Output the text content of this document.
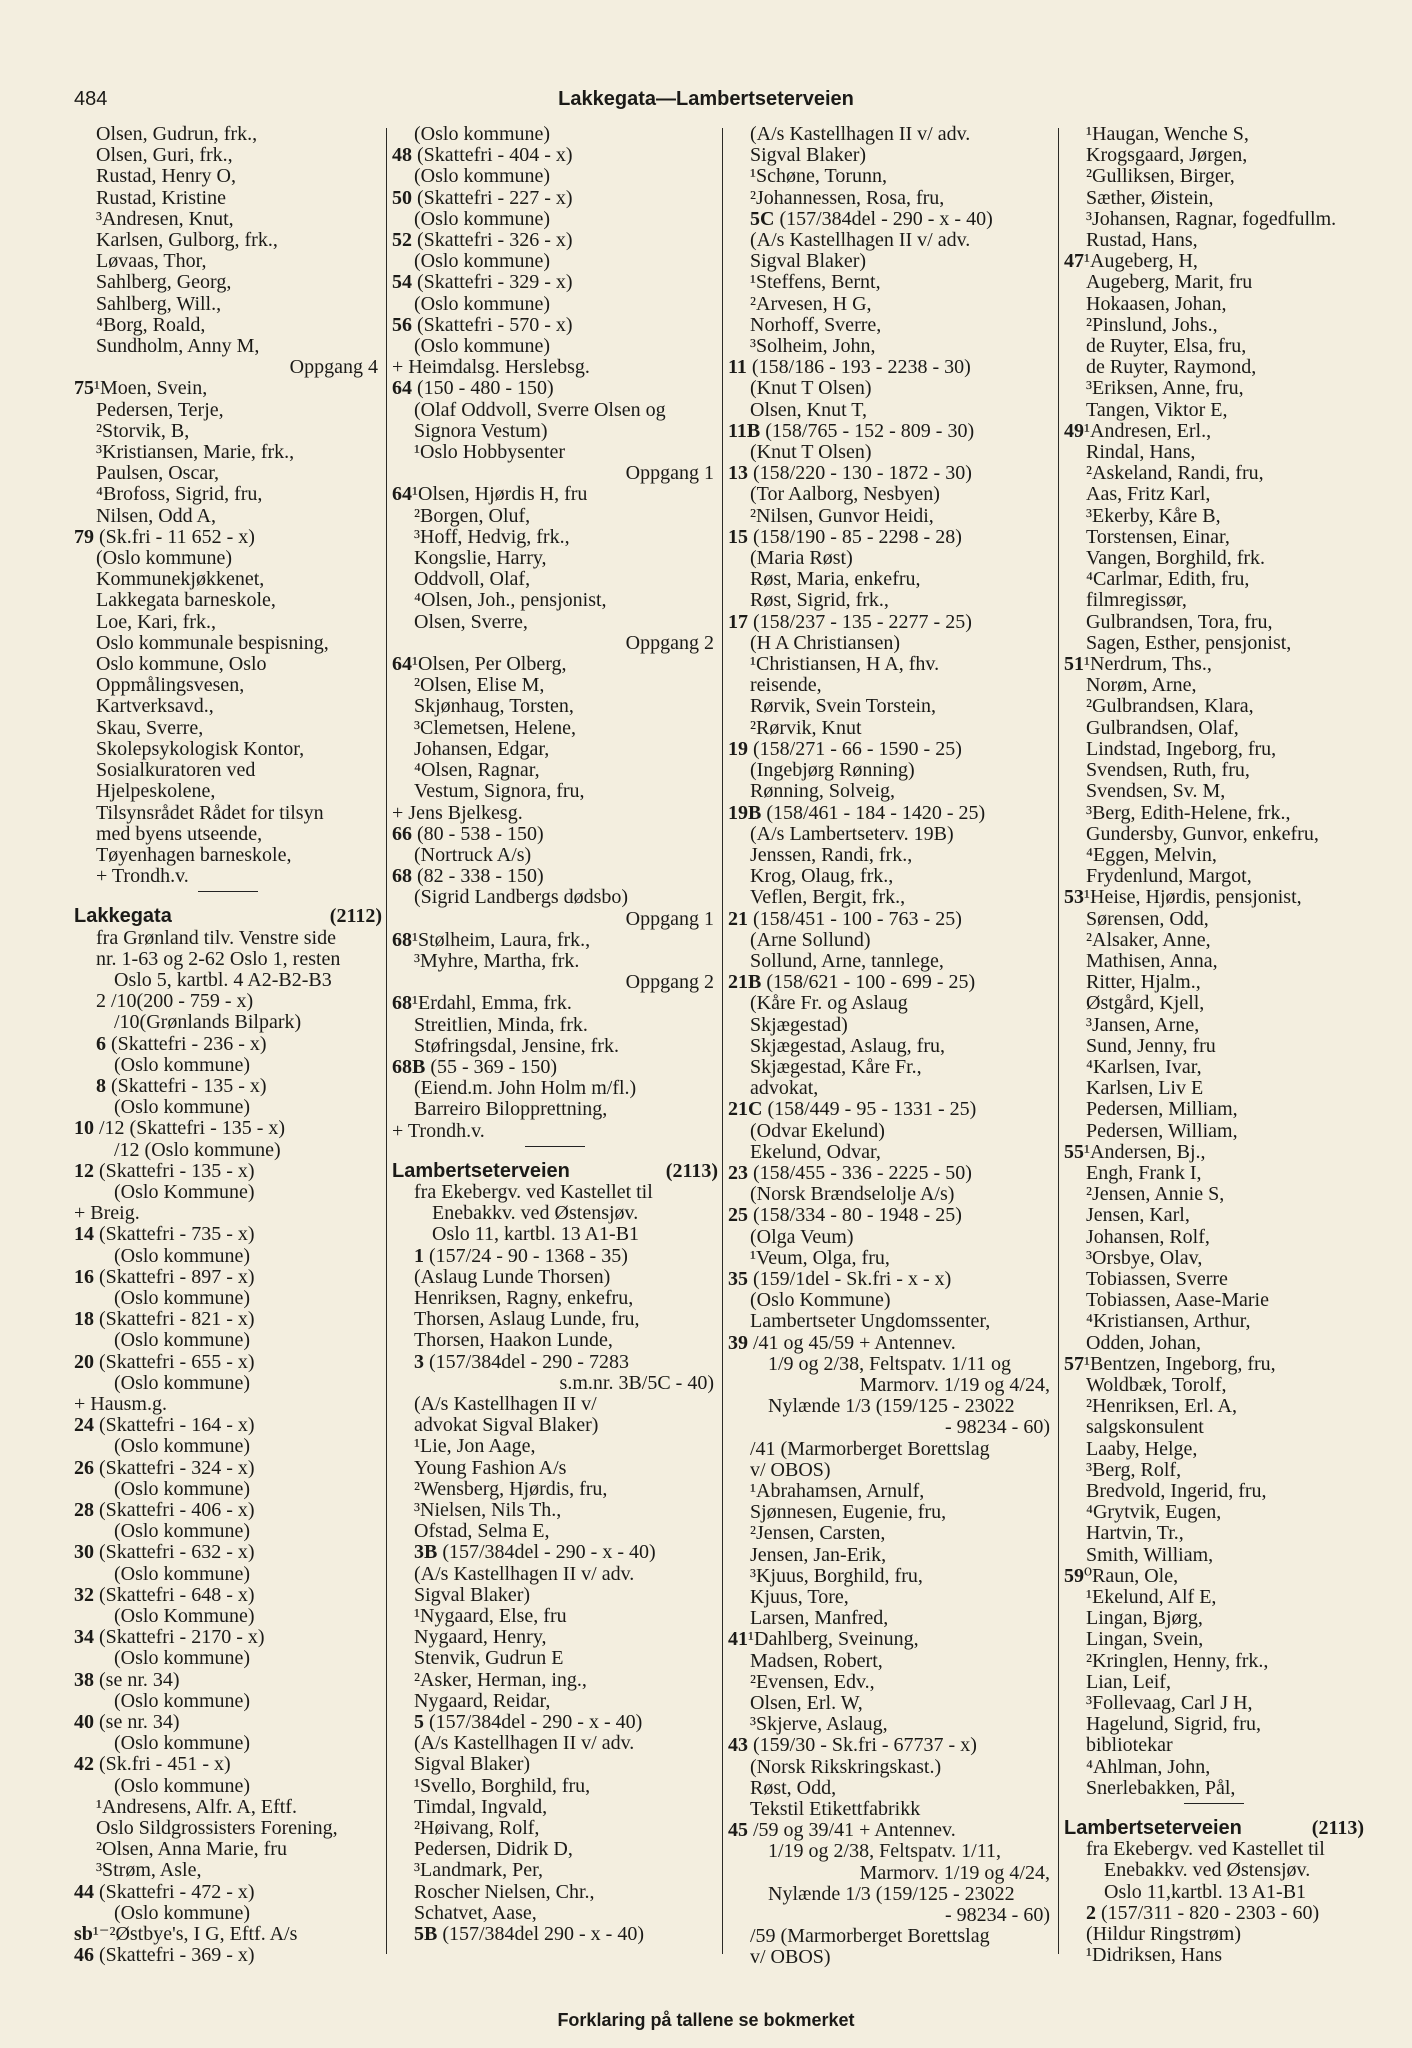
484	Lakkegata—Lambertseterveien
Olsen, Gudrun, frk.,
Olsen, Guri, frk.,
Rustad, Henry O,
Rustad, Kristine
³Andresen, Knut,
Karlsen, Gulborg, frk.,
Løvaas, Thor,
Sahlberg, Georg,
Sahlberg, Will.,
⁴Borg, Roald,
Sundholm, Anny M,
Oppgang 4
75¹Moen, Svein,
Pedersen, Terje,
²Storvik, B,
³Kristiansen, Marie, frk.,
Paulsen, Oscar,
⁴Brofoss, Sigrid, fru,
Nilsen, Odd A,
79 (Sk.fri - 11 652 - x)
(Oslo kommune)
Kommunekjøkkenet,
Lakkegata barneskole,
Loe, Kari, frk.,
Oslo kommunale bespisning,
Oslo kommune, Oslo
Oppmålingsvesen,
Kartverksavd.,
Skau, Sverre,
Skolepsykologisk Kontor,
Sosialkuratoren ved
Hjelpeskolene,
Tilsynsrådet Rådet for tilsyn
med byens utseende,
Tøyenhagen barneskole,
+ Trondh.v.
Lakkegata	(2112)
fra Grønland tilv. Venstre side
nr. 1-63 og 2-62 Oslo 1, resten
Oslo 5, kartbl. 4 A2-B2-B3
2 /10(200 - 759 - x)
/10(Grønlands Bilpark)
6 (Skattefri - 236 - x)
(Oslo kommune)
8 (Skattefri - 135 - x)
(Oslo kommune)
10 /12 (Skattefri - 135 - x)
/12 (Oslo kommune)
12 (Skattefri - 135 - x)
(Oslo Kommune)
+ Breig.
14 (Skattefri - 735 - x)
(Oslo kommune)
16 (Skattefri - 897 - x)
(Oslo kommune)
18 (Skattefri - 821 - x)
(Oslo kommune)
20 (Skattefri - 655 - x)
(Oslo kommune)
+ Hausm.g.
24 (Skattefri - 164 - x)
(Oslo kommune)
26 (Skattefri - 324 - x)
(Oslo kommune)
28 (Skattefri - 406 - x)
(Oslo kommune)
30 (Skattefri - 632 - x)
(Oslo kommune)
32 (Skattefri - 648 - x)
(Oslo Kommune)
34 (Skattefri - 2170 - x)
(Oslo kommune)
38 (se nr. 34)
(Oslo kommune)
40 (se nr. 34)
(Oslo kommune)
42 (Sk.fri - 451 - x)
(Oslo kommune)
¹Andresens, Alfr. A, Eftf.
Oslo Sildgrossisters Forening,
²Olsen, Anna Marie, fru
³Strøm, Asle,
44 (Skattefri - 472 - x)
(Oslo kommune)
sb¹⁻²Østbye's, I G, Eftf. A/s
46 (Skattefri - 369 - x)
(Oslo kommune)
48 (Skattefri - 404 - x)
(Oslo kommune)
50 (Skattefri - 227 - x)
(Oslo kommune)
52 (Skattefri - 326 - x)
(Oslo kommune)
54 (Skattefri - 329 - x)
(Oslo kommune)
56 (Skattefri - 570 - x)
(Oslo kommune)
+ Heimdalsg. Herslebsg.
64 (150 - 480 - 150)
(Olaf Oddvoll, Sverre Olsen og
Signora Vestum)
¹Oslo Hobbysenter
Oppgang 1
64¹Olsen, Hjørdis H, fru
²Borgen, Oluf,
³Hoff, Hedvig, frk.,
Kongslie, Harry,
Oddvoll, Olaf,
⁴Olsen, Joh., pensjonist,
Olsen, Sverre,
Oppgang 2
64¹Olsen, Per Olberg,
²Olsen, Elise M,
Skjønhaug, Torsten,
³Clemetsen, Helene,
Johansen, Edgar,
⁴Olsen, Ragnar,
Vestum, Signora, fru,
+ Jens Bjelkesg.
66 (80 - 538 - 150)
(Nortruck A/s)
68 (82 - 338 - 150)
(Sigrid Landbergs dødsbo)
Oppgang 1
68¹Stølheim, Laura, frk.,
³Myhre, Martha, frk.
Oppgang 2
68¹Erdahl, Emma, frk.
Streitlien, Minda, frk.
Støfringsdal, Jensine, frk.
68B (55 - 369 - 150)
(Eiend.m. John Holm m/fl.)
Barreiro Bilopprettning,
+ Trondh.v.
Lambertseterveien	(2113)
fra Ekebergv. ved Kastellet til
Enebakkv. ved Østensjøv.
Oslo 11, kartbl. 13 A1-B1
1 (157/24 - 90 - 1368 - 35)
(Aslaug Lunde Thorsen)
Henriksen, Ragny, enkefru,
Thorsen, Aslaug Lunde, fru,
Thorsen, Haakon Lunde,
3 (157/384del - 290 - 7283
s.m.nr. 3B/5C - 40)
(A/s Kastellhagen II v/
advokat Sigval Blaker)
¹Lie, Jon Aage,
Young Fashion A/s
²Wensberg, Hjørdis, fru,
³Nielsen, Nils Th.,
Ofstad, Selma E,
3B (157/384del - 290 - x - 40)
(A/s Kastellhagen II v/ adv.
Sigval Blaker)
¹Nygaard, Else, fru
Nygaard, Henry,
Stenvik, Gudrun E
²Asker, Herman, ing.,
Nygaard, Reidar,
5 (157/384del - 290 - x - 40)
(A/s Kastellhagen II v/ adv.
Sigval Blaker)
¹Svello, Borghild, fru,
Timdal, Ingvald,
²Høivang, Rolf,
Pedersen, Didrik D,
³Landmark, Per,
Roscher Nielsen, Chr.,
Schatvet, Aase,
5B (157/384del 290 - x - 40)
(A/s Kastellhagen II v/ adv.
Sigval Blaker)
¹Schøne, Torunn,
²Johannessen, Rosa, fru,
5C (157/384del - 290 - x - 40)
(A/s Kastellhagen II v/ adv.
Sigval Blaker)
¹Steffens, Bernt,
²Arvesen, H G,
Norhoff, Sverre,
³Solheim, John,
11 (158/186 - 193 - 2238 - 30)
(Knut T Olsen)
Olsen, Knut T,
11B (158/765 - 152 - 809 - 30)
(Knut T Olsen)
13 (158/220 - 130 - 1872 - 30)
(Tor Aalborg, Nesbyen)
²Nilsen, Gunvor Heidi,
15 (158/190 - 85 - 2298 - 28)
(Maria Røst)
Røst, Maria, enkefru,
Røst, Sigrid, frk.,
17 (158/237 - 135 - 2277 - 25)
(H A Christiansen)
¹Christiansen, H A, fhv.
reisende,
Rørvik, Svein Torstein,
²Rørvik, Knut
19 (158/271 - 66 - 1590 - 25)
(Ingebjørg Rønning)
Rønning, Solveig,
19B (158/461 - 184 - 1420 - 25)
(A/s Lambertseterv. 19B)
Jenssen, Randi, frk.,
Krog, Olaug, frk.,
Veflen, Bergit, frk.,
21 (158/451 - 100 - 763 - 25)
(Arne Sollund)
Sollund, Arne, tannlege,
21B (158/621 - 100 - 699 - 25)
(Kåre Fr. og Aslaug
Skjægestad)
Skjægestad, Aslaug, fru,
Skjægestad, Kåre Fr.,
advokat,
21C (158/449 - 95 - 1331 - 25)
(Odvar Ekelund)
Ekelund, Odvar,
23 (158/455 - 336 - 2225 - 50)
(Norsk Brændselolje A/s)
25 (158/334 - 80 - 1948 - 25)
(Olga Veum)
¹Veum, Olga, fru,
35 (159/1del - Sk.fri - x - x)
(Oslo Kommune)
Lambertseter Ungdomssenter,
39 /41 og 45/59 + Antennev.
1/9 og 2/38, Feltspatv. 1/11 og
Marmorv. 1/19 og 4/24,
Nylænde 1/3 (159/125 - 23022
- 98234 - 60)
/41 (Marmorberget Borettslag
v/ OBOS)
¹Abrahamsen, Arnulf,
Sjønnesen, Eugenie, fru,
²Jensen, Carsten,
Jensen, Jan-Erik,
³Kjuus, Borghild, fru,
Kjuus, Tore,
Larsen, Manfred,
41¹Dahlberg, Sveinung,
Madsen, Robert,
²Evensen, Edv.,
Olsen, Erl. W,
³Skjerve, Aslaug,
43 (159/30 - Sk.fri - 67737 - x)
(Norsk Rikskringskast.)
Røst, Odd,
Tekstil Etikettfabrikk
45 /59 og 39/41 + Antennev.
1/19 og 2/38, Feltspatv. 1/11,
Marmorv. 1/19 og 4/24,
Nylænde 1/3 (159/125 - 23022
- 98234 - 60)
/59 (Marmorberget Borettslag
v/ OBOS)
¹Haugan, Wenche S,
Krogsgaard, Jørgen,
²Gulliksen, Birger,
Sæther, Øistein,
³Johansen, Ragnar, fogedfullm.
Rustad, Hans,
47¹Augeberg, H,
Augeberg, Marit, fru
Hokaasen, Johan,
²Pinslund, Johs.,
de Ruyter, Elsa, fru,
de Ruyter, Raymond,
³Eriksen, Anne, fru,
Tangen, Viktor E,
49¹Andresen, Erl.,
Rindal, Hans,
²Askeland, Randi, fru,
Aas, Fritz Karl,
³Ekerby, Kåre B,
Torstensen, Einar,
Vangen, Borghild, frk.
⁴Carlmar, Edith, fru,
filmregissør,
Gulbrandsen, Tora, fru,
Sagen, Esther, pensjonist,
51¹Nerdrum, Ths.,
Norøm, Arne,
²Gulbrandsen, Klara,
Gulbrandsen, Olaf,
Lindstad, Ingeborg, fru,
Svendsen, Ruth, fru,
Svendsen, Sv. M,
³Berg, Edith-Helene, frk.,
Gundersby, Gunvor, enkefru,
⁴Eggen, Melvin,
Frydenlund, Margot,
53¹Heise, Hjørdis, pensjonist,
Sørensen, Odd,
²Alsaker, Anne,
Mathisen, Anna,
Ritter, Hjalm.,
Østgård, Kjell,
³Jansen, Arne,
Sund, Jenny, fru
⁴Karlsen, Ivar,
Karlsen, Liv E
Pedersen, Milliam,
Pedersen, William,
55¹Andersen, Bj.,
Engh, Frank I,
²Jensen, Annie S,
Jensen, Karl,
Johansen, Rolf,
³Orsbye, Olav,
Tobiassen, Sverre
Tobiassen, Aase-Marie
⁴Kristiansen, Arthur,
Odden, Johan,
57¹Bentzen, Ingeborg, fru,
Woldbæk, Torolf,
²Henriksen, Erl. A,
salgskonsulent
Laaby, Helge,
³Berg, Rolf,
Bredvold, Ingerid, fru,
⁴Grytvik, Eugen,
Hartvin, Tr.,
Smith, William,
59⁰Raun, Ole,
¹Ekelund, Alf E,
Lingan, Bjørg,
Lingan, Svein,
²Kringlen, Henny, frk.,
Lian, Leif,
³Follevaag, Carl J H,
Hagelund, Sigrid, fru,
bibliotekar
⁴Ahlman, John,
Snerlebakken, Pål,
Lambertseterveien	(2113)
fra Ekebergv. ved Kastellet til
Enebakkv. ved Østensjøv.
Oslo 11,kartbl. 13 A1-B1
2 (157/311 - 820 - 2303 - 60)
(Hildur Ringstrøm)
¹Didriksen, Hans
Forklaring på tallene se bokmerket
